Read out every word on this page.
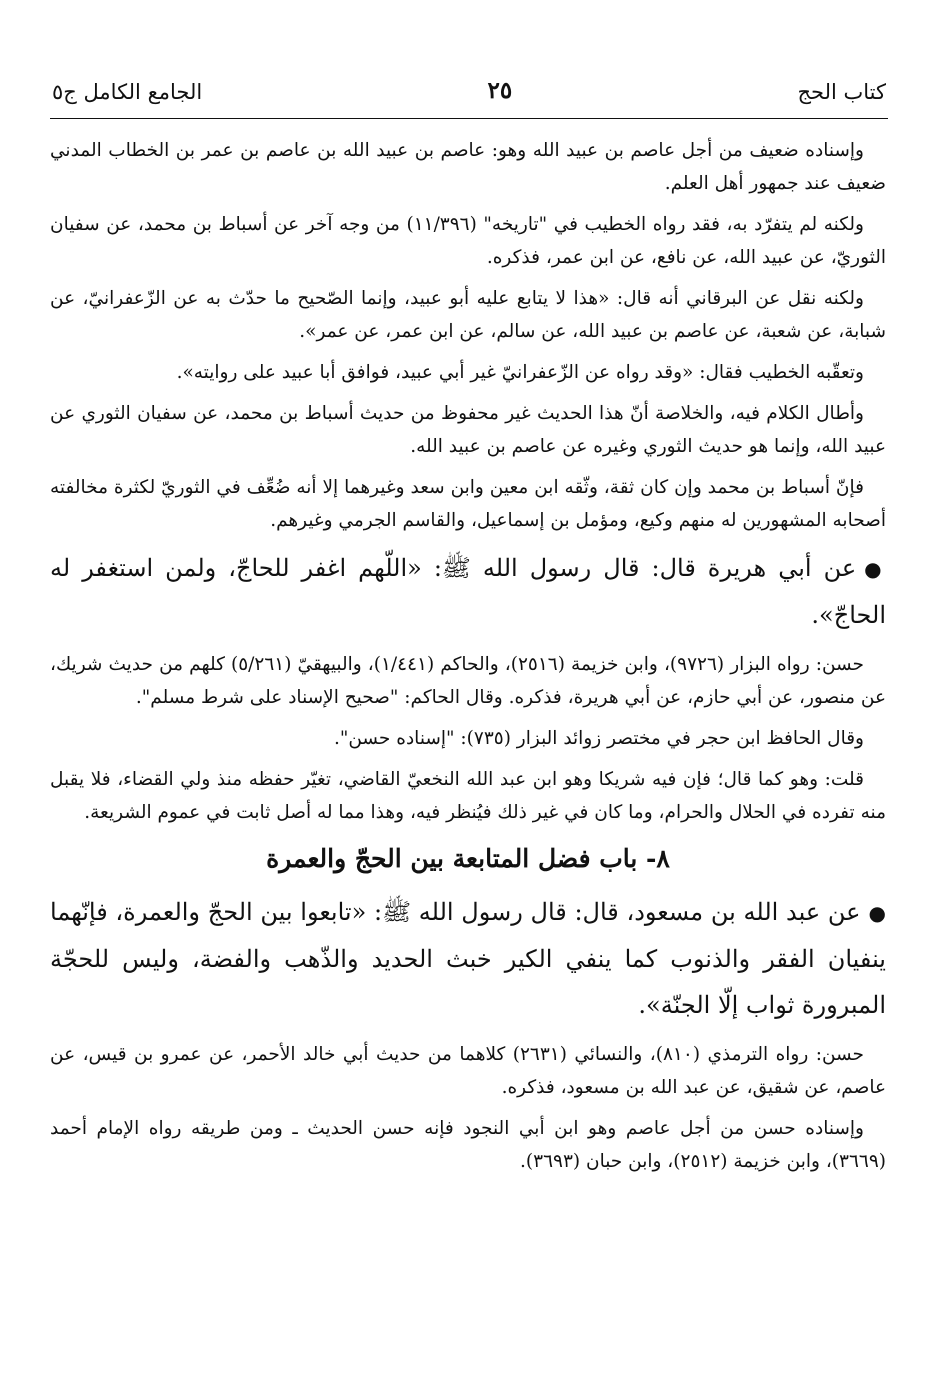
كتاب الحج
٢٥
الجامع الكامل ج٥

وإسناده ضعيف من أجل عاصم بن عبيد الله وهو: عاصم بن عبيد الله بن عاصم بن عمر بن الخطاب المدني ضعيف عند جمهور أهل العلم.

ولكنه لم يتفرّد به، فقد رواه الخطيب في "تاريخه" (١١/٣٩٦) من وجه آخر عن أسباط بن محمد، عن سفيان الثوريّ، عن عبيد الله، عن نافع، عن ابن عمر، فذكره.

ولكنه نقل عن البرقاني أنه قال: «هذا لا يتابع عليه أبو عبيد، وإنما الصّحيح ما حدّث به عن الزّعفرانيّ، عن شبابة، عن شعبة، عن عاصم بن عبيد الله، عن سالم، عن ابن عمر، عن عمر».

وتعقّبه الخطيب فقال: «وقد رواه عن الزّعفرانيّ غير أبي عبيد، فوافق أبا عبيد على روايته».

وأطال الكلام فيه، والخلاصة أنّ هذا الحديث غير محفوظ من حديث أسباط بن محمد، عن سفيان الثوري عن عبيد الله، وإنما هو حديث الثوري وغيره عن عاصم بن عبيد الله.

فإنّ أسباط بن محمد وإن كان ثقة، وثّقه ابن معين وابن سعد وغيرهما إلا أنه ضُعِّف في الثوريّ لكثرة مخالفته أصحابه المشهورين له منهم وكيع، ومؤمل بن إسماعيل، والقاسم الجرمي وغيرهم.

●عن أبي هريرة قال: قال رسول الله ﷺ: «اللّهم اغفر للحاجّ، ولمن استغفر له الحاجّ».

حسن: رواه البزار (٩٧٢٦)، وابن خزيمة (٢٥١٦)، والحاكم (١/٤٤١)، والبيهقيّ (٥/٢٦١) كلهم من حديث شريك، عن منصور، عن أبي حازم، عن أبي هريرة، فذكره. وقال الحاكم: "صحيح الإسناد على شرط مسلم".

وقال الحافظ ابن حجر في مختصر زوائد البزار (٧٣٥): "إسناده حسن".

قلت: وهو كما قال؛ فإن فيه شريكا وهو ابن عبد الله النخعيّ القاضي، تغيّر حفظه منذ ولي القضاء، فلا يقبل منه تفرده في الحلال والحرام، وما كان في غير ذلك فيُنظر فيه، وهذا مما له أصل ثابت في عموم الشريعة.

٨- باب فضل المتابعة بين الحجّ والعمرة

●عن عبد الله بن مسعود، قال: قال رسول الله ﷺ: «تابعوا بين الحجّ والعمرة، فإنّهما ينفيان الفقر والذنوب كما ينفي الكير خبث الحديد والذّهب والفضة، وليس للحجّة المبرورة ثواب إلّا الجنّة».

حسن: رواه الترمذي (٨١٠)، والنسائي (٢٦٣١) كلاهما من حديث أبي خالد الأحمر، عن عمرو بن قيس، عن عاصم، عن شقيق، عن عبد الله بن مسعود، فذكره.

وإسناده حسن من أجل عاصم وهو ابن أبي النجود فإنه حسن الحديث ـ ومن طريقه رواه الإمام أحمد (٣٦٦٩)، وابن خزيمة (٢٥١٢)، وابن حبان (٣٦٩٣).
